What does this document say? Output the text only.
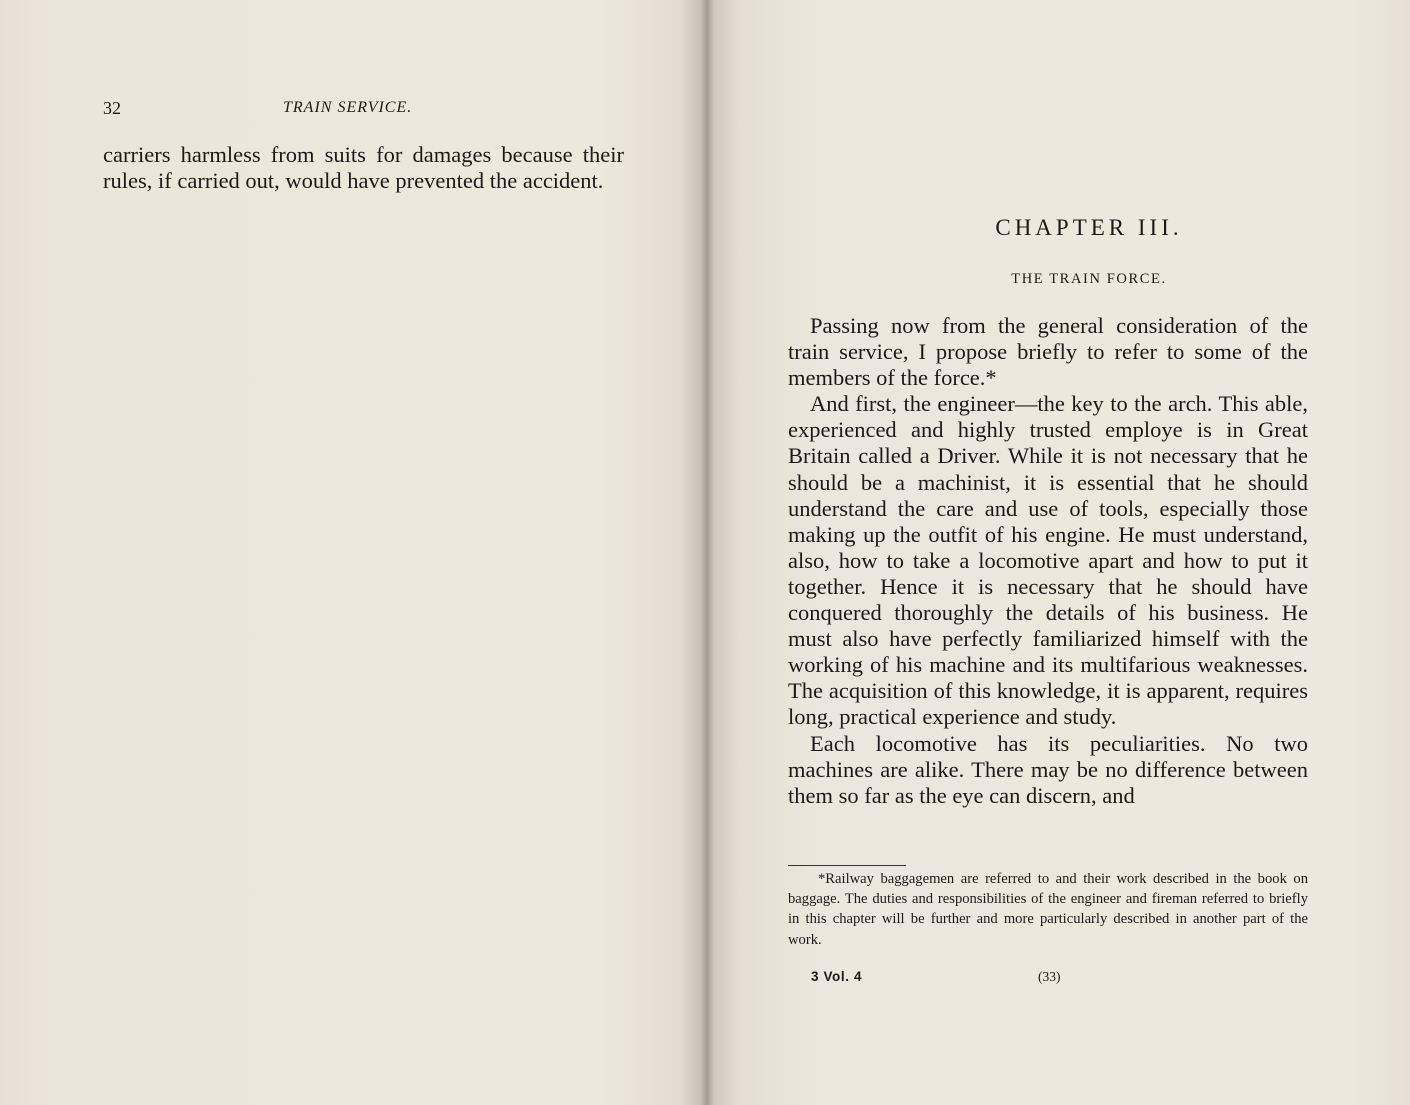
32	TRAIN SERVICE.

carriers harmless from suits for damages because their rules, if carried out, would have prevented the accident.

CHAPTER III.
THE TRAIN FORCE.

Passing now from the general consideration of the train service, I propose briefly to refer to some of the members of the force.*

And first, the engineer—the key to the arch. This able, experienced and highly trusted employe is in Great Britain called a Driver. While it is not necessary that he should be a machinist, it is essential that he should understand the care and use of tools, especially those making up the outfit of his engine. He must understand, also, how to take a locomotive apart and how to put it together. Hence it is necessary that he should have conquered thoroughly the details of his business. He must also have perfectly familiarized himself with the working of his machine and its multifarious weaknesses. The acquisition of this knowledge, it is apparent, requires long, practical experience and study.

Each locomotive has its peculiarities. No two machines are alike. There may be no difference between them so far as the eye can discern, and

*Railway baggagemen are referred to and their work described in the book on baggage. The duties and responsibilities of the engineer and fireman referred to briefly in this chapter will be further and more particularly described in another part of the work.

3 Vol. 4	(33)
